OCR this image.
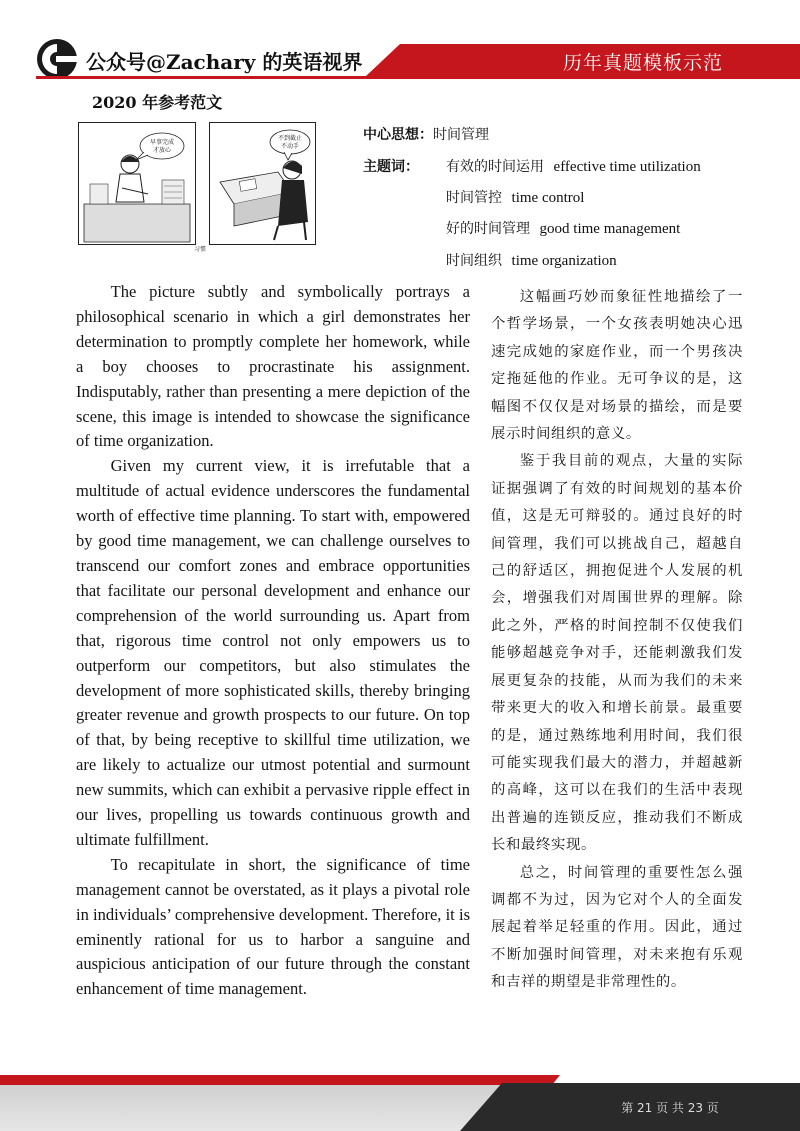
公众号@Zachary 的英语视界	历年真题模板示范
2020 年参考范文
早事完成
才放心
不到截止
不动手
习惯
中心思想：时间管理
主题词： 有效的时间运用 effective time utilization
时间管控 time control
好的时间管理 good time management
时间组织 time organization

The picture subtly and symbolically portrays a philosophical scenario in which a girl demonstrates her determination to promptly complete her homework, while a boy chooses to procrastinate his assignment. Indisputably, rather than presenting a mere depiction of the scene, this image is intended to showcase the significance of time organization.

Given my current view, it is irrefutable that a multitude of actual evidence underscores the fundamental worth of effective time planning. To start with, empowered by good time management, we can challenge ourselves to transcend our comfort zones and embrace opportunities that facilitate our personal development and enhance our comprehension of the world surrounding us. Apart from that, rigorous time control not only empowers us to outperform our competitors, but also stimulates the development of more sophisticated skills, thereby bringing greater revenue and growth prospects to our future. On top of that, by being receptive to skillful time utilization, we are likely to actualize our utmost potential and surmount new summits, which can exhibit a pervasive ripple effect in our lives, propelling us towards continuous growth and ultimate fulfillment.

To recapitulate in short, the significance of time management cannot be overstated, as it plays a pivotal role in individuals’ comprehensive development. Therefore, it is eminently rational for us to harbor a sanguine and auspicious anticipation of our future through the constant enhancement of time management.

这幅画巧妙而象征性地描绘了一个哲学场景，一个女孩表明她决心迅速完成她的家庭作业，而一个男孩决定拖延他的作业。无可争议的是，这幅图不仅仅是对场景的描绘，而是要展示时间组织的意义。

鉴于我目前的观点，大量的实际证据强调了有效的时间规划的基本价值，这是无可辩驳的。通过良好的时间管理，我们可以挑战自己，超越自己的舒适区，拥抱促进个人发展的机会，增强我们对周围世界的理解。除此之外，严格的时间控制不仅使我们能够超越竞争对手，还能刺激我们发展更复杂的技能，从而为我们的未来带来更大的收入和增长前景。最重要的是，通过熟练地利用时间，我们很可能实现我们最大的潜力，并超越新的高峰，这可以在我们的生活中表现出普遍的连锁反应，推动我们不断成长和最终实现。

总之，时间管理的重要性怎么强调都不为过，因为它对个人的全面发展起着举足轻重的作用。因此，通过不断加强时间管理，对未来抱有乐观和吉祥的期望是非常理性的。

第 21 页 共 23 页
